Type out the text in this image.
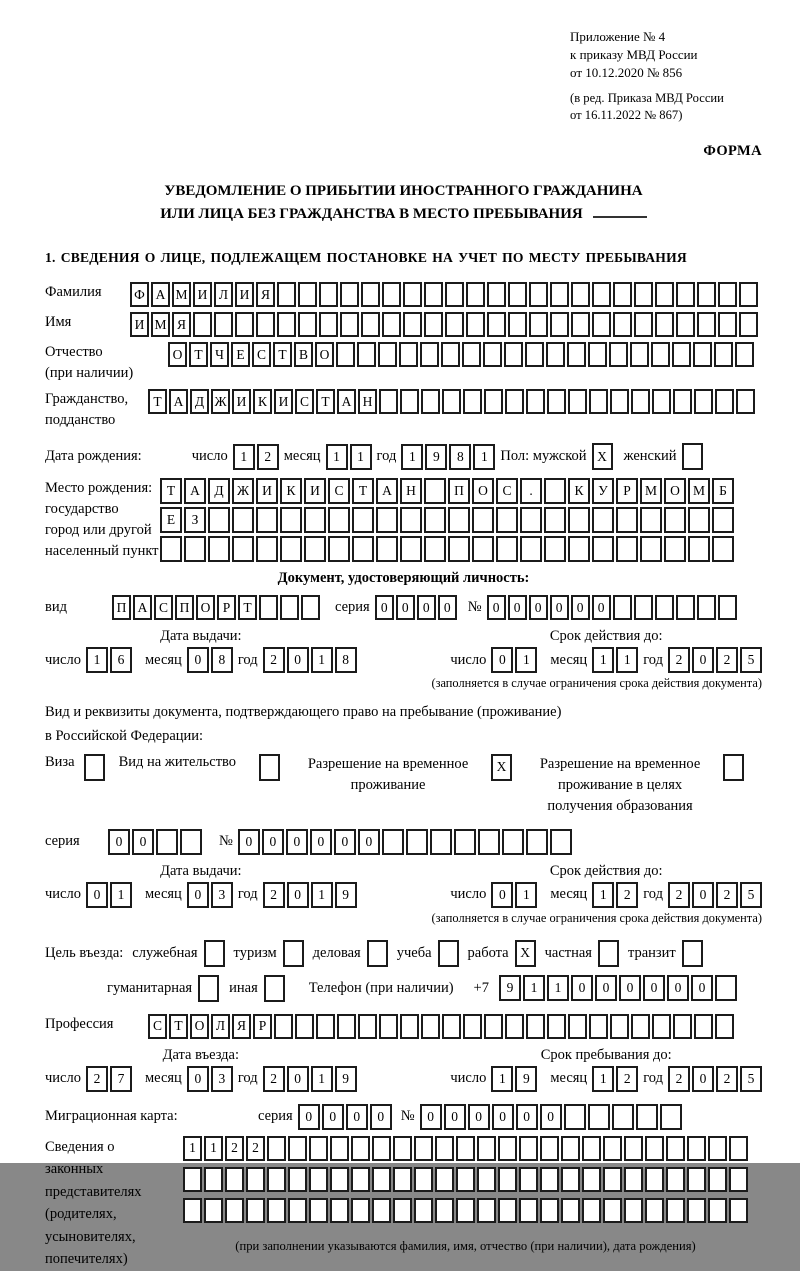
Приложение № 4
к приказу МВД России
от 10.12.2020 № 856
(в ред. Приказа МВД России
от 16.11.2022 № 867)
ФОРМА
УВЕДОМЛЕНИЕ О ПРИБЫТИИ ИНОСТРАННОГО ГРАЖДАНИНА
ИЛИ ЛИЦА БЕЗ ГРАЖДАНСТВА В МЕСТО ПРЕБЫВАНИЯ
1. СВЕДЕНИЯ О ЛИЦЕ, ПОДЛЕЖАЩЕМ ПОСТАНОВКЕ НА УЧЕТ ПО МЕСТУ ПРЕБЫВАНИЯ
Фамилия	Ф А М И Л И Я
Имя	И М Я
Отчество
(при наличии)
О Т Ч Е С Т В О
Гражданство,
подданство
Т А Д Ж И К И С Т А Н
Дата рождения:	число 1	2 месяц 1	1 год 1	9	8	1 Пол: мужской X	женский
Место рождения:
государство
город или другой
населенный пункт
Т	А	Д Ж И	К	И	С	Т	А	Н	П	О	С	.	К	У	Р	М О М	Б
Е	З
Документ, удостоверяющий личность:
вид	П А С П О Р Т	серия 0	0	0	0	№ 0	0	0	0	0	0
Дата выдачи:
число 1	6	месяц 0	8 год 2	0	1	8
Срок действия до:
число 0	1	месяц 1	1 год 2	0	2	5
(заполняется в случае ограничения срока действия документа)
Вид и реквизиты документа, подтверждающего право на пребывание (проживание)
в Российской Федерации:
Виза	Вид на жительство	Разрешение на временное проживание
X	Разрешение на временное проживание в целях получения образования
серия	0	0	№ 0	0	0	0	0	0
Дата выдачи:
число 0	1	месяц 0	3 год 2	0	1	9
Срок действия до:
число 0	1	месяц 1	2 год 2	0	2	5
(заполняется в случае ограничения срока действия документа)
Цель въезда: служебная туризм деловая учеба работа X	частная транзит
гуманитарная	иная	Телефон (при наличии) +7	9	1	1	0	0	0	0	0	0
Профессия	С Т О Л Я Р
Дата въезда:
число 2	7	месяц 0	3 год 2	0	1	9
Срок пребывания до:
число 1	9	месяц 1	2 год 2	0	2	5
Миграционная карта:	серия 0	0	0	0	№ 0	0	0	0	0	0
Сведения о
законных
представителях
(родителях,
усыновителях,
попечителях)
1	1	2	2
(при заполнении указываются фамилия, имя, отчество (при наличии), дата рождения)
